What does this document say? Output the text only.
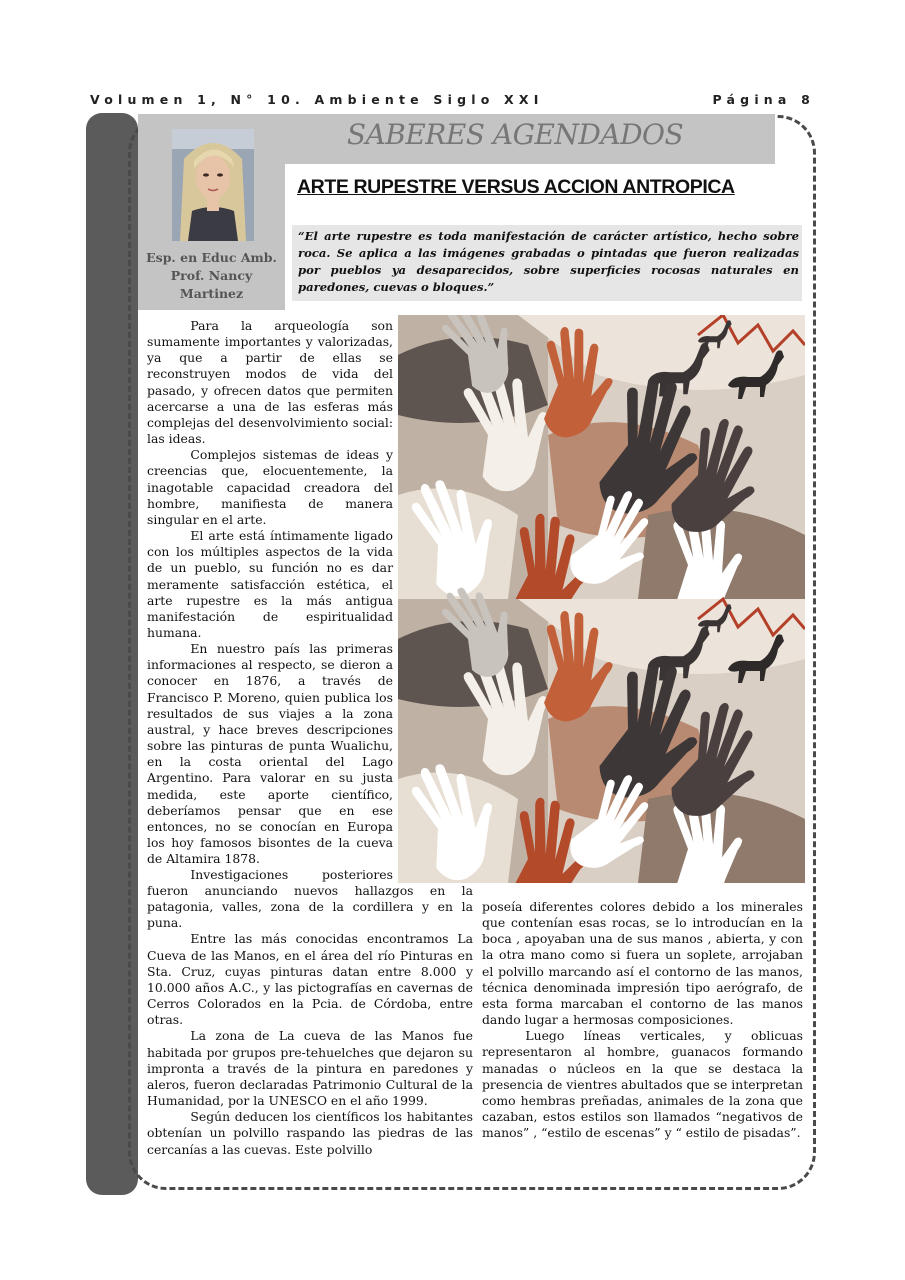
Volumen 1, N° 10. Ambiente Siglo XXI	Página 8
SABERES AGENDADOS
Esp. en Educ Amb.
Prof. Nancy
Martinez
ARTE RUPESTRE VERSUS ACCION ANTROPICA
“El arte rupestre es toda manifestación de carácter artístico, hecho sobre roca. Se aplica a las imágenes grabadas o pintadas que fueron realizadas por pueblos ya desaparecidos, sobre superficies rocosas naturales en paredones, cuevas o bloques.”

Para la arqueología son sumamente importantes y valorizadas, ya que a partir de ellas se reconstruyen modos de vida del pasado, y ofrecen datos que permiten acercarse a una de las esferas más complejas del desenvolvimiento social: las ideas.

Complejos sistemas de ideas y creencias que, elocuentemente, la inagotable capacidad creadora del hombre, manifiesta de manera singular en el arte.

El arte está íntimamente ligado con los múltiples aspectos de la vida de un pueblo, su función no es dar meramente satisfacción estética, el arte rupestre es la más antigua manifestación de espiritualidad humana.

En nuestro país las primeras informaciones al respecto, se dieron a conocer en 1876, a través de Francisco P. Moreno, quien publica los resultados de sus viajes a la zona austral, y hace breves descripciones sobre las pinturas de punta Wualichu, en la costa oriental del Lago Argentino. Para valorar en su justa medida, este aporte científico, deberíamos pensar que en ese entonces, no se conocían en Europa los hoy famosos bisontes de la cueva de Altamira 1878.

Investigaciones posteriores

fueron anunciando nuevos hallazgos en la patagonia, valles, zona de la cordillera y en la puna.

Entre las más conocidas encontramos La Cueva de las Manos, en el área del río Pinturas en Sta. Cruz, cuyas pinturas datan entre 8.000 y 10.000 años A.C., y las pictografías en cavernas de Cerros Colorados en la Pcia. de Córdoba, entre otras.

La zona de La cueva de las Manos fue habitada por grupos pre-tehuelches que dejaron su impronta a través de la pintura en paredones y aleros, fueron declaradas Patrimonio Cultural de la Humanidad, por la UNESCO en el año 1999.

Según deducen los científicos los habitantes obtenían un polvillo raspando las piedras de las cercanías a las cuevas. Este polvillo

poseía diferentes colores debido a los minerales que contenían esas rocas, se lo introducían en la boca , apoyaban una de sus manos , abierta, y con la otra mano como si fuera un soplete, arrojaban el polvillo marcando así el contorno de las manos, técnica denominada impresión tipo aerógrafo, de esta forma marcaban el contorno de las manos dando lugar a hermosas composiciones.

Luego líneas verticales, y oblicuas representaron al hombre, guanacos formando manadas o núcleos en la que se destaca la presencia de vientres abultados que se interpretan como hembras preñadas, animales de la zona que cazaban, estos estilos son llamados “negativos de manos” , “estilo de escenas” y “ estilo de pisadas”.
